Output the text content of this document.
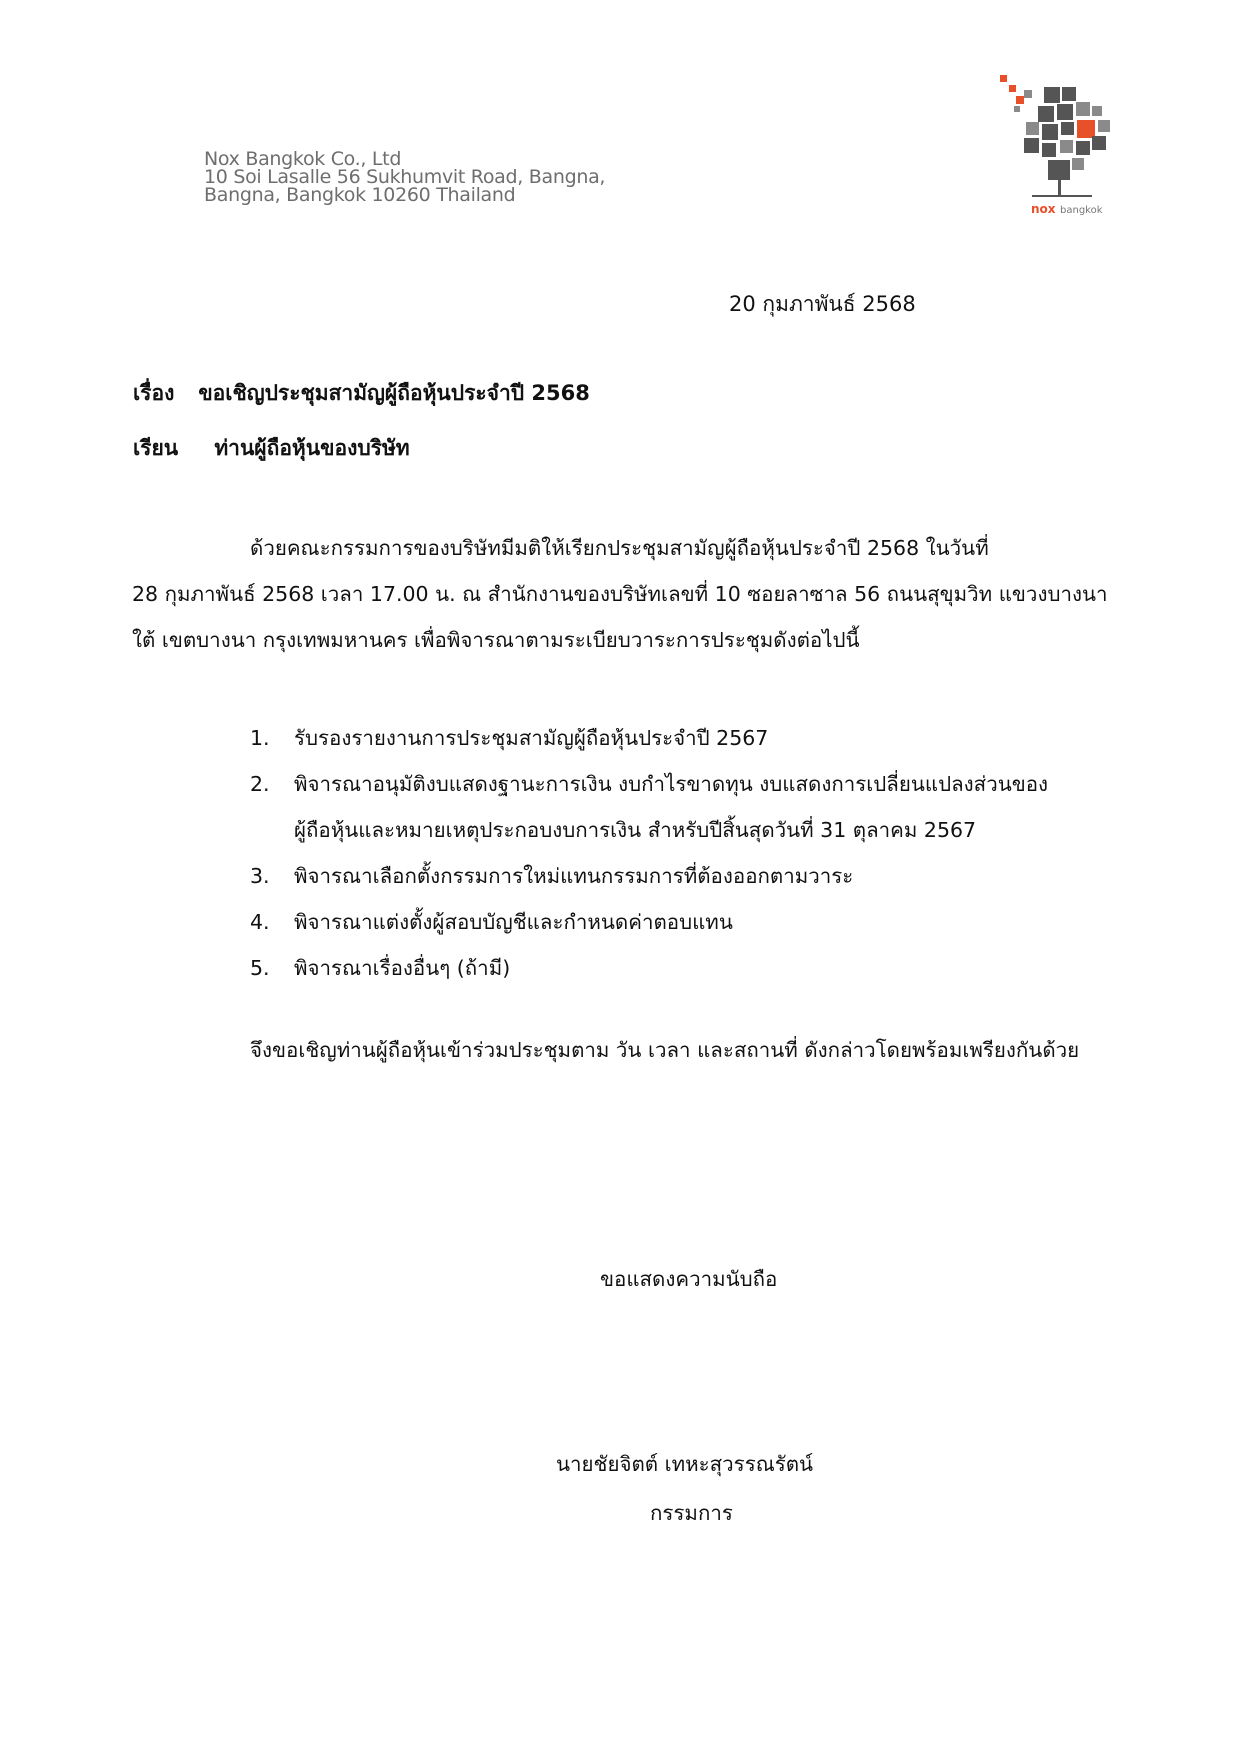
Nox Bangkok Co., Ltd
10 Soi Lasalle 56 Sukhumvit Road, Bangna,
Bangna, Bangkok 10260 Thailand
nox bangkok
20 กุมภาพันธ์ 2568
เรื่อง ขอเชิญประชุมสามัญผู้ถือหุ้นประจำปี 2568
เรียน ท่านผู้ถือหุ้นของบริษัท
ด้วยคณะกรรมการของบริษัทมีมติให้เรียกประชุมสามัญผู้ถือหุ้นประจำปี 2568 ในวันที่
28 กุมภาพันธ์ 2568 เวลา 17.00 น. ณ สำนักงานของบริษัทเลขที่ 10 ซอยลาซาล 56 ถนนสุขุมวิท แขวงบางนา
ใต้ เขตบางนา กรุงเทพมหานคร เพื่อพิจารณาตามระเบียบวาระการประชุมดังต่อไปนี้
1.	รับรองรายงานการประชุมสามัญผู้ถือหุ้นประจำปี 2567
2.	พิจารณาอนุมัติงบแสดงฐานะการเงิน งบกำไรขาดทุน งบแสดงการเปลี่ยนแปลงส่วนของ
ผู้ถือหุ้นและหมายเหตุประกอบงบการเงิน สำหรับปีสิ้นสุดวันที่ 31 ตุลาคม 2567
3.	พิจารณาเลือกตั้งกรรมการใหม่แทนกรรมการที่ต้องออกตามวาระ
4.	พิจารณาแต่งตั้งผู้สอบบัญชีและกำหนดค่าตอบแทน
5.	พิจารณาเรื่องอื่นๆ (ถ้ามี)
จึงขอเชิญท่านผู้ถือหุ้นเข้าร่วมประชุมตาม วัน เวลา และสถานที่ ดังกล่าวโดยพร้อมเพรียงกันด้วย
ขอแสดงความนับถือ
นายชัยจิตต์ เทหะสุวรรณรัตน์
กรรมการ
